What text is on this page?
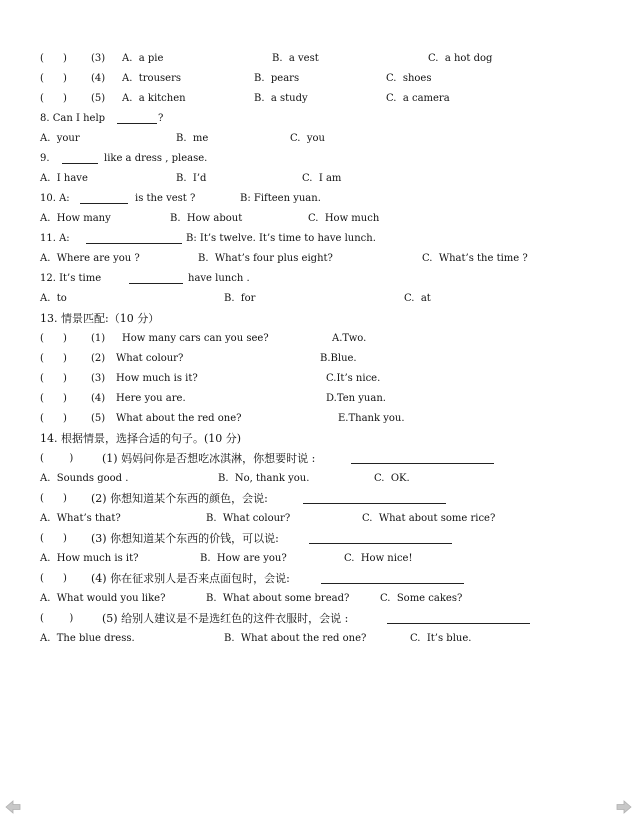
(      ) (3) A.  a pie	B.  a vest	C.  a hot dog
(      ) (4) A.  trousers	B.  pears	C.  shoes
(      ) (5) A.  a kitchen	B.  a study	C.  a camera
8. Can I help	?
A.  your	B.  me	C.  you
9.	like a dress , please.
A.  I have	B.  I’d	C.  I am
10. A:	is the vest ?	B: Fifteen yuan.
A.  How many	B.  How about	C.  How much
11. A:	B: It’s twelve. It’s time to have lunch.
A.  Where are you ?	B.  What’s four plus eight?	C.  What’s the time ?
12. It’s time	have lunch .
A.  to	B.  for	C.  at
13. 情景匹配:（10 分）
(      ) (1) How many cars can you see?	A.Two.
(      ) (2) What colour?	B.Blue.
(      ) (3) How much is it?	C.It’s nice.
(      ) (4) Here you are.	D.Ten yuan.
(      ) (5) What about the red one?	E.Thank you.
14. 根据情景，选择合适的句子。(10 分)
(        )	(1) 妈妈问你是否想吃冰淇淋，你想要时说 :
A.  Sounds good .	B.  No, thank you.	C.  OK.
(      ) (2) 你想知道某个东西的颜色，会说:
A.  What’s that?	B.  What colour?	C.  What about some rice?
(      ) (3) 你想知道某个东西的价钱，可以说:
A.  How much is it?	B.  How are you?	C.  How nice!
(      ) (4) 你在征求别人是否来点面包时，会说:
A.  What would you like?	B.  What about some bread?	C.  Some cakes?
(        )	(5) 给别人建议是不是选红色的这件衣服时，会说 :
A.  The blue dress.	B.  What about the red one?	C.  It’s blue.
